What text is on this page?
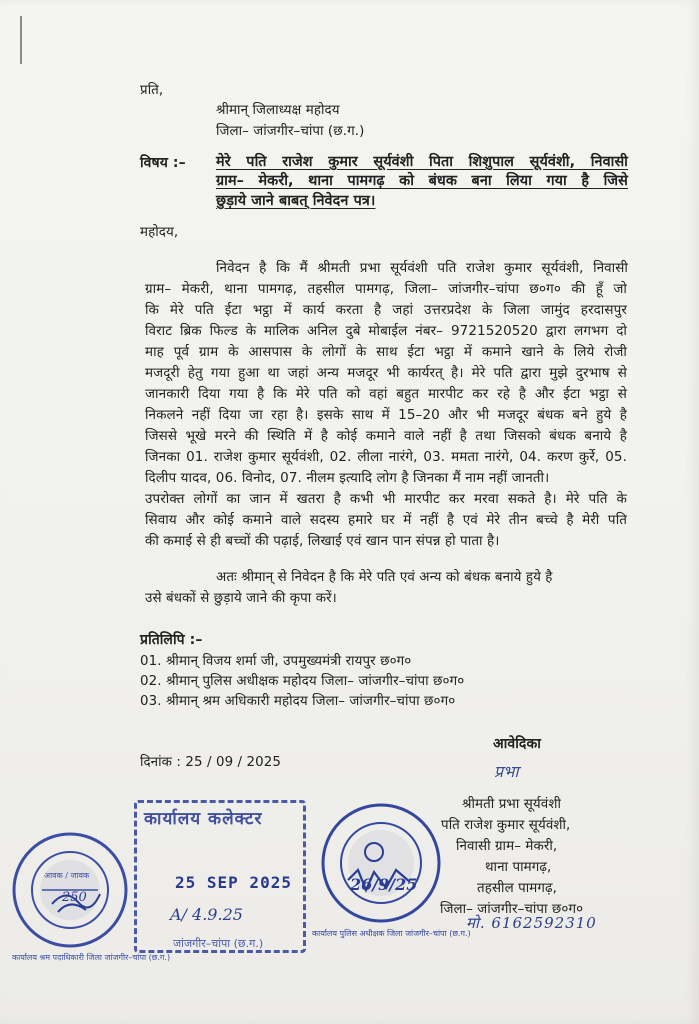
प्रति,
श्रीमान् जिलाध्यक्ष महोदय
जिला– जांजगीर–चांपा (छ.ग.)
विषय :– मेरे पति राजेश कुमार सूर्यवंशी पिता शिशुपाल सूर्यवंशी, निवासी
ग्राम– मेकरी, थाना पामगढ़ को बंधक बना लिया गया है जिसे
छुड़ाये जाने बाबत् निवेदन पत्र।
महोदय,
निवेदन है कि मैं श्रीमती प्रभा सूर्यवंशी पति राजेश कुमार सूर्यवंशी, निवासी
ग्राम– मेकरी, थाना पामगढ़, तहसील पामगढ़, जिला– जांजगीर–चांपा छ०ग० की हूँ जो
कि मेरे पति ईटा भट्ठा में कार्य करता है जहां उत्तरप्रदेश के जिला जामुंद हरदासपुर
विराट ब्रिक फिल्ड के मालिक अनिल दुबे मोबाईल नंबर– 9721520520 द्वारा लगभग दो
माह पूर्व ग्राम के आसपास के लोगों के साथ ईटा भट्ठा में कमाने खाने के लिये रोजी
मजदूरी हेतु गया हुआ था जहां अन्य मजदूर भी कार्यरत् है। मेरे पति द्वारा मुझे दुरभाष से
जानकारी दिया गया है कि मेरे पति को वहां बहुत मारपीट कर रहे है और ईटा भट्ठा से
निकलने नहीं दिया जा रहा है। इसके साथ में 15–20 और भी मजदूर बंधक बने हुये है
जिससे भूखे मरने की स्थिति में है कोई कमाने वाले नहीं है तथा जिसको बंधक बनाये है
जिनका 01. राजेश कुमार सूर्यवंशी, 02. लीला नारंगे, 03. ममता नारंगे, 04. करण कुर्रे, 05.
दिलीप यादव, 06. विनोद, 07. नीलम इत्यादि लोग है जिनका मैं नाम नहीं जानती।
उपरोक्त लोगों का जान में खतरा है कभी भी मारपीट कर मरवा सकते है। मेरे पति के
सिवाय और कोई कमाने वाले सदस्य हमारे घर में नहीं है एवं मेरे तीन बच्चे है मेरी पति
की कमाई से ही बच्चों की पढ़ाई, लिखाई एवं खान पान संपन्न हो पाता है।
अतः श्रीमान् से निवेदन है कि मेरे पति एवं अन्य को बंधक बनाये हुये है
उसे बंधकों से छुड़ाये जाने की कृपा करें।
प्रतिलिपि :–
01. श्रीमान् विजय शर्मा जी, उपमुख्यमंत्री रायपुर छ०ग०
02. श्रीमान् पुलिस अधीक्षक महोदय जिला– जांजगीर–चांपा छ०ग०
03. श्रीमान् श्रम अधिकारी महोदय जिला– जांजगीर–चांपा छ०ग०
आवेदिका
प्रभा
दिनांक : 25 / 09 / 2025
श्रीमती प्रभा सूर्यवंशी
पति राजेश कुमार सूर्यवंशी,
निवासी ग्राम– मेकरी,
थाना पामगढ़,
तहसील पामगढ़,
जिला– जांजगीर–चांपा छ०ग०
मो. 6162592310
कार्यालय कलेक्टर
25 SEP 2025
A/ 4.9.25
जांजगीर–चांपा (छ.ग.)
कार्यालय श्रम पदाधिकारी जिला जांजगीर–चांपा (छ.ग.)
आवक / जावक
250
कार्यालय पुलिस अधीक्षक जिला जांजगीर–चांपा (छ.ग.)
26/9/25
